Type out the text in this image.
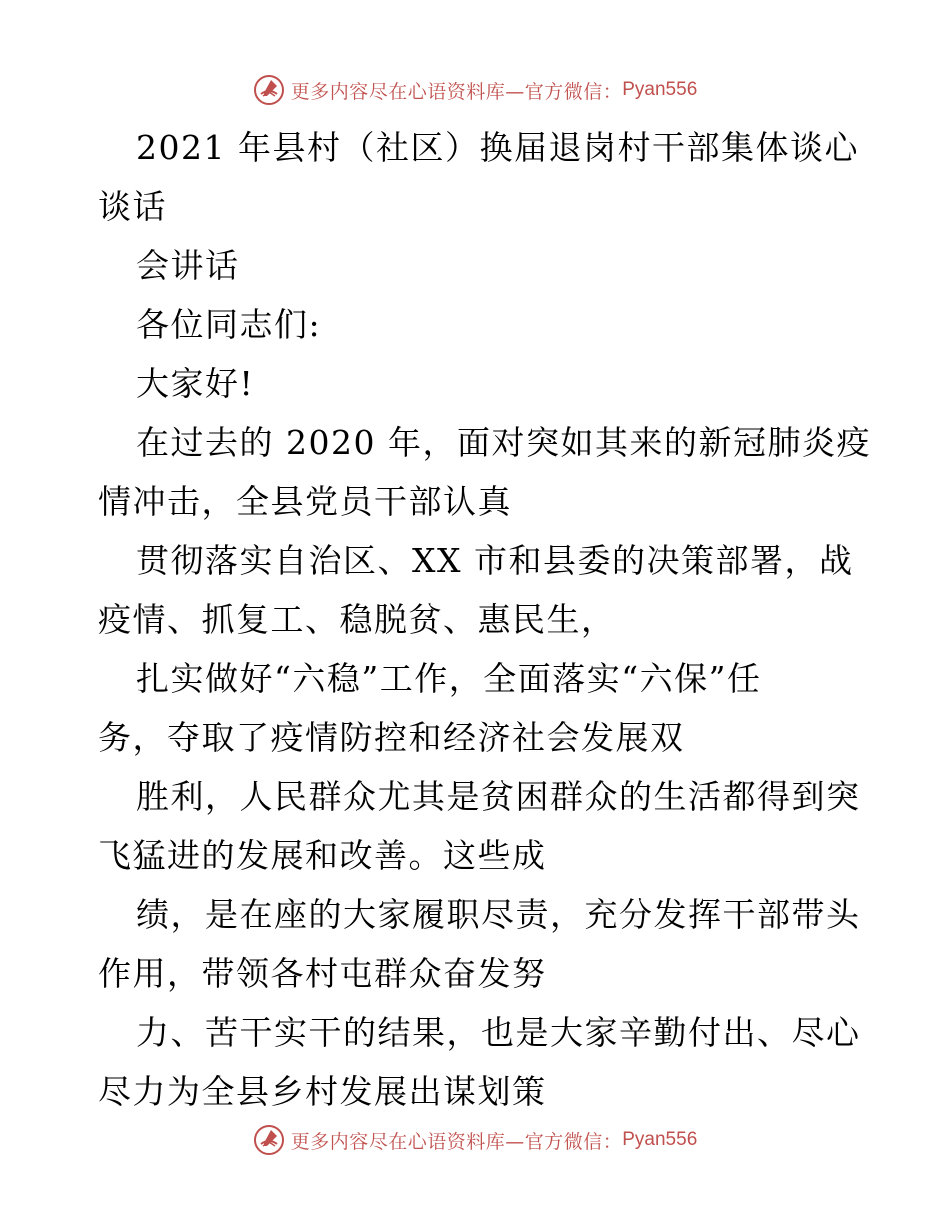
更多内容尽在心语资料库—官方微信： Pyan556
2021 年县村（社区）换届退岗村干部集体谈心
谈话
会讲话
各位同志们:
大家好!
在过去的 2020 年，面对突如其来的新冠肺炎疫
情冲击，全县党员干部认真
贯彻落实自治区、XX 市和县委的决策部署，战
疫情、抓复工、稳脱贫、惠民生，
扎实做好“六稳”工作，全面落实“六保”任
务，夺取了疫情防控和经济社会发展双
胜利，人民群众尤其是贫困群众的生活都得到突
飞猛进的发展和改善。这些成
绩，是在座的大家履职尽责，充分发挥干部带头
作用，带领各村屯群众奋发努
力、苦干实干的结果，也是大家辛勤付出、尽心
尽力为全县乡村发展出谋划策
更多内容尽在心语资料库—官方微信： Pyan556
